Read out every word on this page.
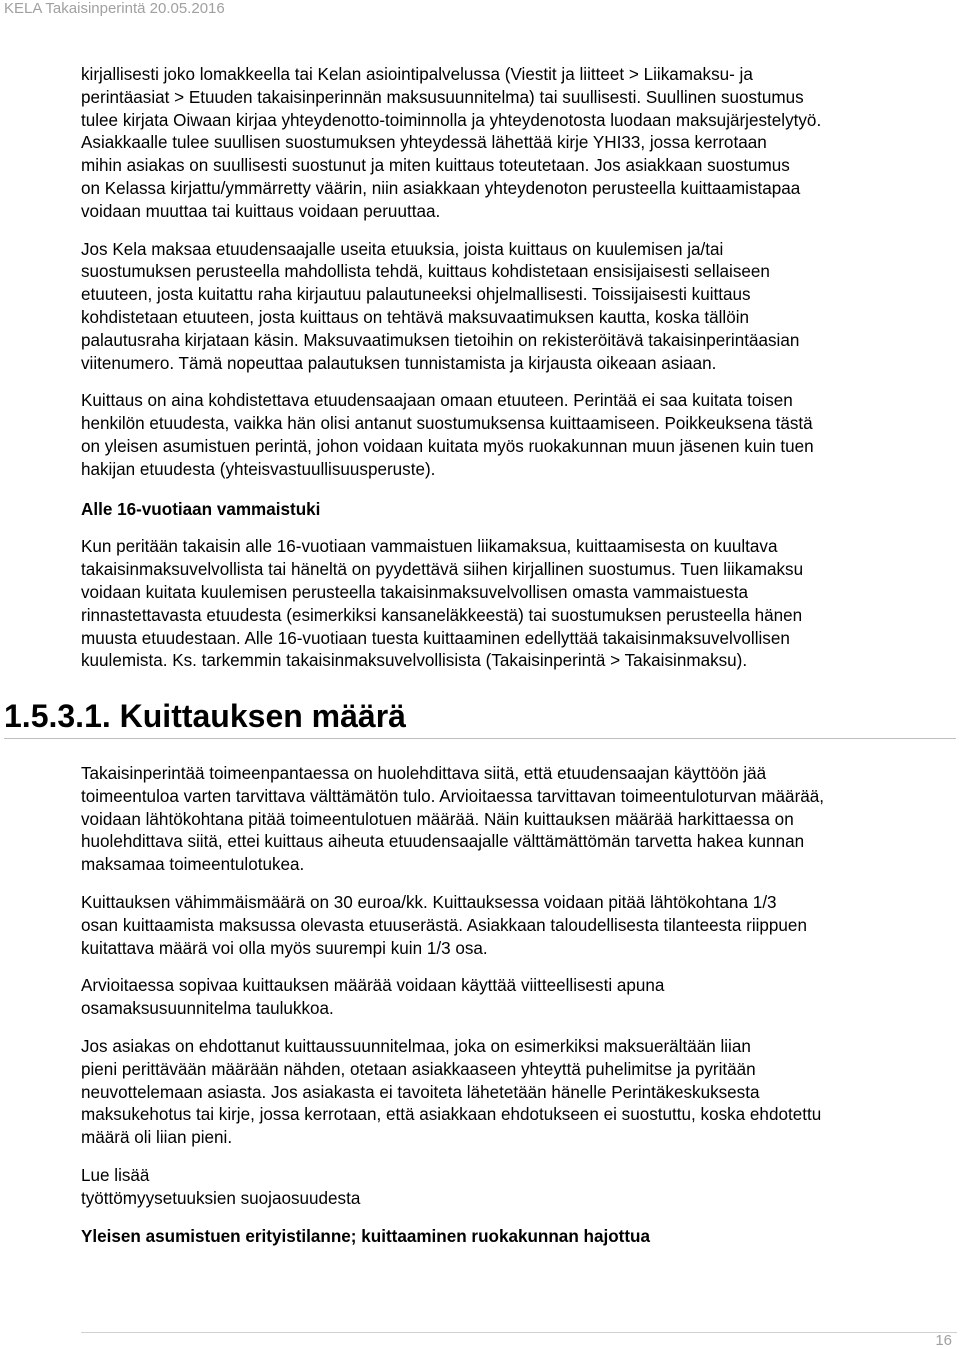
KELA Takaisinperintä 20.05.2016

kirjallisesti joko lomakkeella tai Kelan asiointipalvelussa (Viestit ja liitteet > Liikamaksu- ja
perintäasiat > Etuuden takaisinperinnän maksusuunnitelma) tai suullisesti. Suullinen suostumus
tulee kirjata Oiwaan kirjaa yhteydenotto-toiminnolla ja yhteydenotosta luodaan maksujärjestelytyö.
Asiakkaalle tulee suullisen suostumuksen yhteydessä lähettää kirje YHI33, jossa kerrotaan
mihin asiakas on suullisesti suostunut ja miten kuittaus toteutetaan. Jos asiakkaan suostumus
on Kelassa kirjattu/ymmärretty väärin, niin asiakkaan yhteydenoton perusteella kuittaamistapaa
voidaan muuttaa tai kuittaus voidaan peruuttaa.

Jos Kela maksaa etuudensaajalle useita etuuksia, joista kuittaus on kuulemisen ja/tai
suostumuksen perusteella mahdollista tehdä, kuittaus kohdistetaan ensisijaisesti sellaiseen
etuuteen, josta kuitattu raha kirjautuu palautuneeksi ohjelmallisesti. Toissijaisesti kuittaus
kohdistetaan etuuteen, josta kuittaus on tehtävä maksuvaatimuksen kautta, koska tällöin
palautusraha kirjataan käsin. Maksuvaatimuksen tietoihin on rekisteröitävä takaisinperintäasian
viitenumero. Tämä nopeuttaa palautuksen tunnistamista ja kirjausta oikeaan asiaan.

Kuittaus on aina kohdistettava etuudensaajaan omaan etuuteen. Perintää ei saa kuitata toisen
henkilön etuudesta, vaikka hän olisi antanut suostumuksensa kuittaamiseen. Poikkeuksena tästä
on yleisen asumistuen perintä, johon voidaan kuitata myös ruokakunnan muun jäsenen kuin tuen
hakijan etuudesta (yhteisvastuullisuusperuste).

Alle 16-vuotiaan vammaistuki

Kun peritään takaisin alle 16-vuotiaan vammaistuen liikamaksua, kuittaamisesta on kuultava
takaisinmaksuvelvollista tai häneltä on pyydettävä siihen kirjallinen suostumus. Tuen liikamaksu
voidaan kuitata kuulemisen perusteella takaisinmaksuvelvollisen omasta vammaistuesta
rinnastettavasta etuudesta (esimerkiksi kansaneläkkeestä) tai suostumuksen perusteella hänen
muusta etuudestaan. Alle 16-vuotiaan tuesta kuittaaminen edellyttää takaisinmaksuvelvollisen
kuulemista. Ks. tarkemmin takaisinmaksuvelvollisista (Takaisinperintä > Takaisinmaksu).

1.5.3.1. Kuittauksen määrä

Takaisinperintää toimeenpantaessa on huolehdittava siitä, että etuudensaajan käyttöön jää
toimeentuloa varten tarvittava välttämätön tulo. Arvioitaessa tarvittavan toimeentuloturvan määrää,
voidaan lähtökohtana pitää toimeentulotuen määrää. Näin kuittauksen määrää harkittaessa on
huolehdittava siitä, ettei kuittaus aiheuta etuudensaajalle välttämättömän tarvetta hakea kunnan
maksamaa toimeentulotukea.

Kuittauksen vähimmäismäärä on 30 euroa/kk. Kuittauksessa voidaan pitää lähtökohtana 1/3
osan kuittaamista maksussa olevasta etuuserästä. Asiakkaan taloudellisesta tilanteesta riippuen
kuitattava määrä voi olla myös suurempi kuin 1/3 osa.

Arvioitaessa sopivaa kuittauksen määrää voidaan käyttää viitteellisesti apuna
osamaksusuunnitelma taulukkoa.

Jos asiakas on ehdottanut kuittaussuunnitelmaa, joka on esimerkiksi maksuerältään liian
pieni perittävään määrään nähden, otetaan asiakkaaseen yhteyttä puhelimitse ja pyritään
neuvottelemaan asiasta. Jos asiakasta ei tavoiteta lähetetään hänelle Perintäkeskuksesta
maksukehotus tai kirje, jossa kerrotaan, että asiakkaan ehdotukseen ei suostuttu, koska ehdotettu
määrä oli liian pieni.

Lue lisää
työttömyysetuuksien suojaosuudesta

Yleisen asumistuen erityistilanne; kuittaaminen ruokakunnan hajottua

16
